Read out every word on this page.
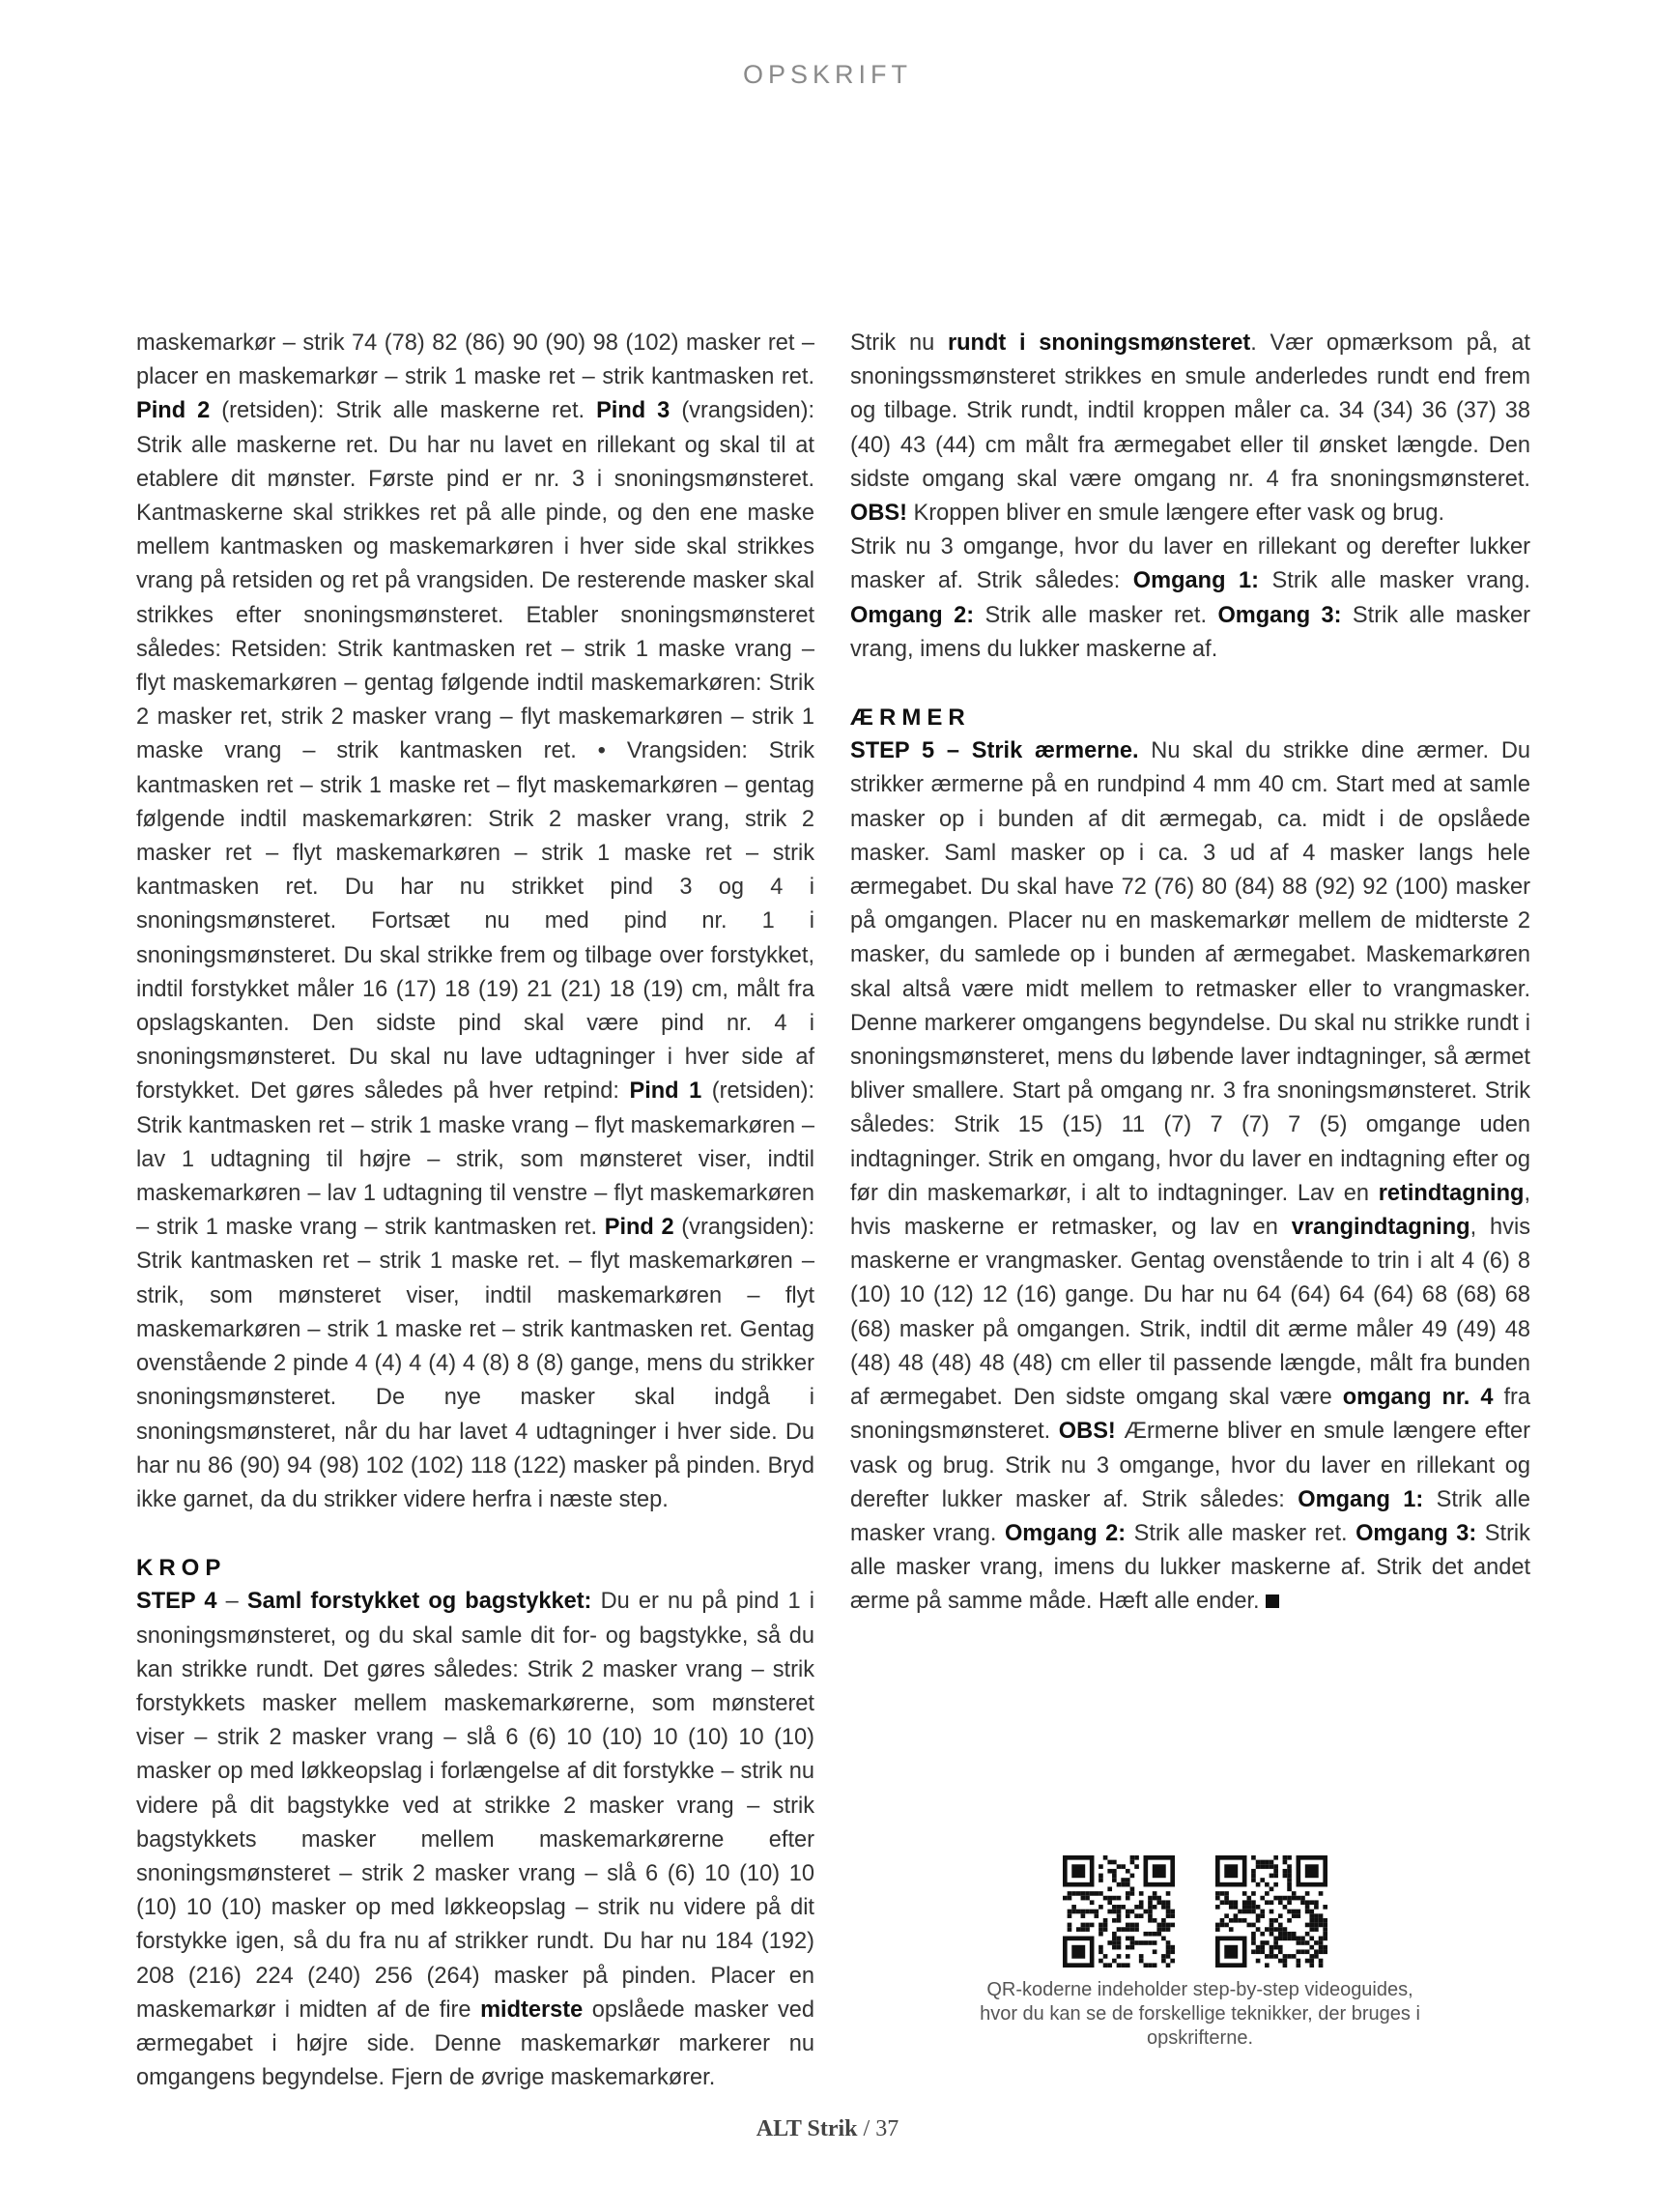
OPSKRIFT

maskemarkør – strik 74 (78) 82 (86) 90 (90) 98 (102) masker ret – placer en maskemarkør – strik 1 maske ret – strik kantmasken ret. Pind 2 (retsiden): Strik alle maskerne ret. Pind 3 (vrangsiden): Strik alle maskerne ret. Du har nu lavet en rillekant og skal til at etablere dit mønster. Første pind er nr. 3 i snoningsmønsteret. Kantmaskerne skal strikkes ret på alle pinde, og den ene maske mellem kantmasken og maskemarkøren i hver side skal strikkes vrang på retsiden og ret på vrangsiden. De resterende masker skal strikkes efter snoningsmønsteret. Etabler snoningsmønsteret således: Retsiden: Strik kantmasken ret – strik 1 maske vrang – flyt maskemarkøren – gentag følgende indtil maskemarkøren: Strik 2 masker ret, strik 2 masker vrang – flyt maskemarkøren – strik 1 maske vrang – strik kantmasken ret. • Vrangsiden: Strik kantmasken ret – strik 1 maske ret – flyt maskemarkøren – gentag følgende indtil maskemarkøren: Strik 2 masker vrang, strik 2 masker ret – flyt maskemarkøren – strik 1 maske ret – strik kantmasken ret. Du har nu strikket pind 3 og 4 i snoningsmønsteret. Fortsæt nu med pind nr. 1 i snoningsmønsteret. Du skal strikke frem og tilbage over forstykket, indtil forstykket måler 16 (17) 18 (19) 21 (21) 18 (19) cm, målt fra opslagskanten. Den sidste pind skal være pind nr. 4 i snoningsmønsteret. Du skal nu lave udtagninger i hver side af forstykket. Det gøres således på hver retpind: Pind 1 (retsiden): Strik kantmasken ret – strik 1 maske vrang – flyt maskemarkøren – lav 1 udtagning til højre – strik, som mønsteret viser, indtil maskemarkøren – lav 1 udtagning til venstre – flyt maskemarkøren – strik 1 maske vrang – strik kantmasken ret. Pind 2 (vrangsiden): Strik kantmasken ret – strik 1 maske ret. – flyt maskemarkøren – strik, som mønsteret viser, indtil maskemarkøren – flyt maskemarkøren – strik 1 maske ret – strik kantmasken ret. Gentag ovenstående 2 pinde 4 (4) 4 (4) 4 (8) 8 (8) gange, mens du strikker snoningsmønsteret. De nye masker skal indgå i snoningsmønsteret, når du har lavet 4 udtagninger i hver side. Du har nu 86 (90) 94 (98) 102 (102) 118 (122) masker på pinden. Bryd ikke garnet, da du strikker videre herfra i næste step.

KROP

STEP 4 – Saml forstykket og bagstykket: Du er nu på pind 1 i snoningsmønsteret, og du skal samle dit for- og bagstykke, så du kan strikke rundt. Det gøres således: Strik 2 masker vrang – strik forstykkets masker mellem maskemarkørerne, som mønsteret viser – strik 2 masker vrang – slå 6 (6) 10 (10) 10 (10) 10 (10) masker op med løkkeopslag i forlængelse af dit forstykke – strik nu videre på dit bagstykke ved at strikke 2 masker vrang – strik bagstykkets masker mellem maskemarkørerne efter snoningsmønsteret – strik 2 masker vrang – slå 6 (6) 10 (10) 10 (10) 10 (10) masker op med løkkeopslag – strik nu videre på dit forstykke igen, så du fra nu af strikker rundt. Du har nu 184 (192) 208 (216) 224 (240) 256 (264) masker på pinden. Placer en maskemarkør i midten af de fire midterste opslåede masker ved ærmegabet i højre side. Denne maskemarkør markerer nu omgangens begyndelse. Fjern de øvrige maskemarkører.

Strik nu rundt i snoningsmønsteret. Vær opmærksom på, at snoningssmønsteret strikkes en smule anderledes rundt end frem og tilbage. Strik rundt, indtil kroppen måler ca. 34 (34) 36 (37) 38 (40) 43 (44) cm målt fra ærmegabet eller til ønsket længde. Den sidste omgang skal være omgang nr. 4 fra snoningsmønsteret. OBS! Kroppen bliver en smule længere efter vask og brug.

Strik nu 3 omgange, hvor du laver en rillekant og derefter lukker masker af. Strik således: Omgang 1: Strik alle masker vrang. Omgang 2: Strik alle masker ret. Omgang 3: Strik alle masker vrang, imens du lukker maskerne af.

ÆRMER

STEP 5 – Strik ærmerne. Nu skal du strikke dine ærmer. Du strikker ærmerne på en rundpind 4 mm 40 cm. Start med at samle masker op i bunden af dit ærmegab, ca. midt i de opslåede masker. Saml masker op i ca. 3 ud af 4 masker langs hele ærmegabet. Du skal have 72 (76) 80 (84) 88 (92) 92 (100) masker på omgangen. Placer nu en maskemarkør mellem de midterste 2 masker, du samlede op i bunden af ærmegabet. Maskemarkøren skal altså være midt mellem to retmasker eller to vrangmasker. Denne markerer omgangens begyndelse. Du skal nu strikke rundt i snoningsmønsteret, mens du løbende laver indtagninger, så ærmet bliver smallere. Start på omgang nr. 3 fra snoningsmønsteret. Strik således: Strik 15 (15) 11 (7) 7 (7) 7 (5) omgange uden indtagninger. Strik en omgang, hvor du laver en indtagning efter og før din maskemarkør, i alt to indtagninger. Lav en retindtagning, hvis maskerne er retmasker, og lav en vrangindtagning, hvis maskerne er vrangmasker. Gentag ovenstående to trin i alt 4 (6) 8 (10) 10 (12) 12 (16) gange. Du har nu 64 (64) 64 (64) 68 (68) 68 (68) masker på omgangen. Strik, indtil dit ærme måler 49 (49) 48 (48) 48 (48) 48 (48) cm eller til passende længde, målt fra bunden af ærmegabet. Den sidste omgang skal være omgang nr. 4 fra snoningsmønsteret. OBS! Ærmerne bliver en smule længere efter vask og brug. Strik nu 3 omgange, hvor du laver en rillekant og derefter lukker masker af. Strik således: Omgang 1: Strik alle masker vrang. Omgang 2: Strik alle masker ret. Omgang 3: Strik alle masker vrang, imens du lukker maskerne af. Strik det andet ærme på samme måde. Hæft alle ender.

QR-koderne indeholder step-by-step videoguides, hvor du kan se de forskellige teknikker, der bruges i opskrifterne.
ALT Strik / 37
